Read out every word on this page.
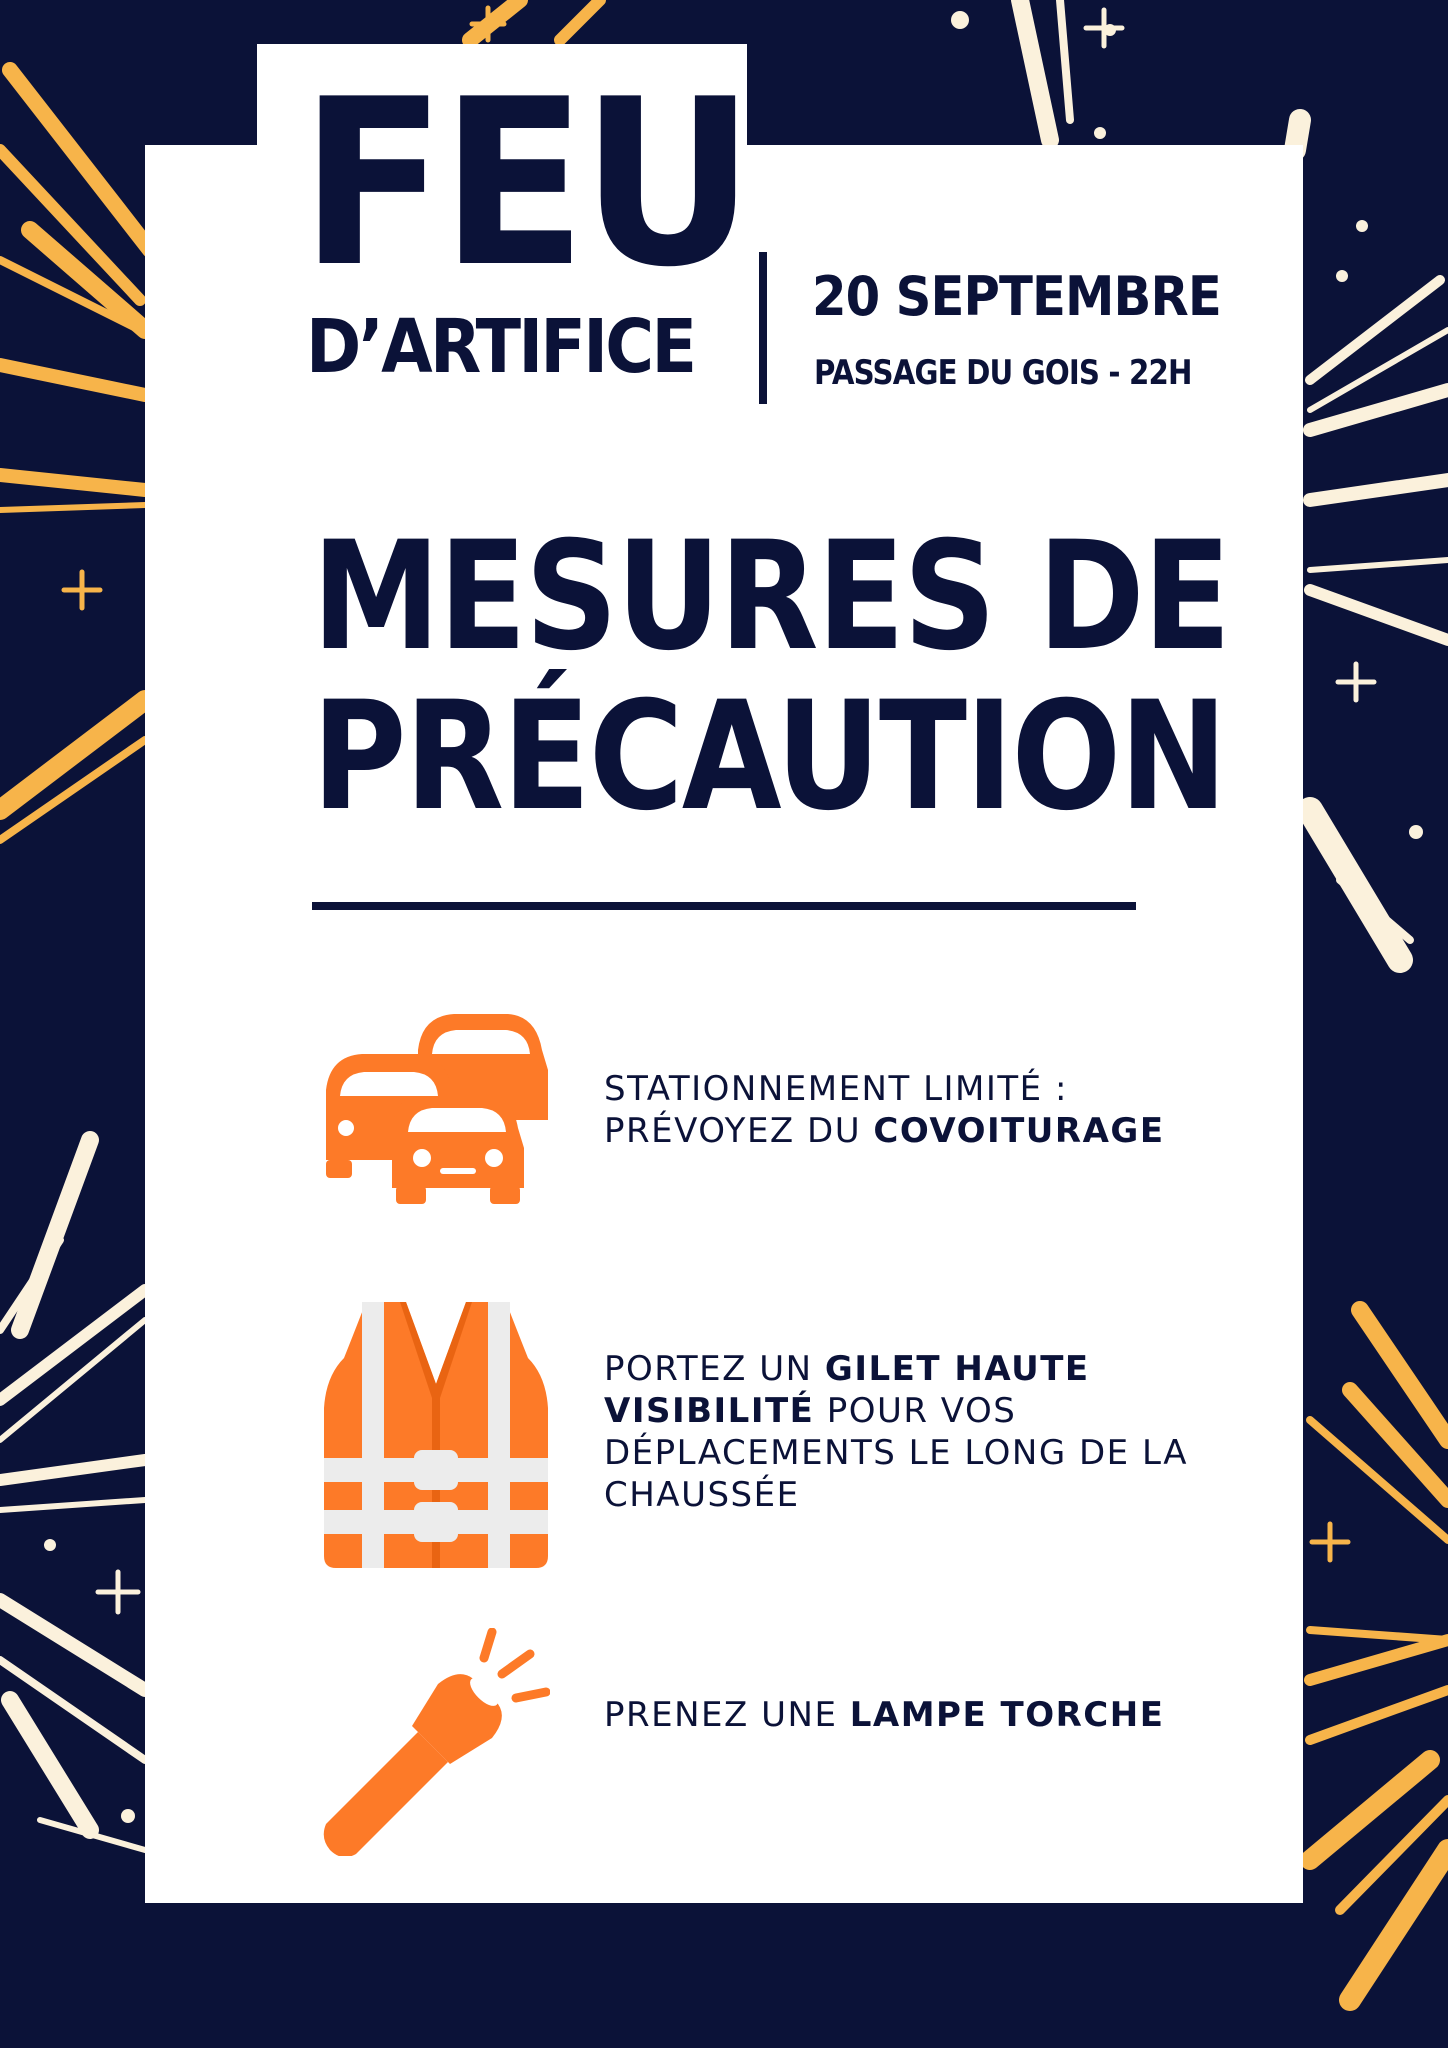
FEU
D’ARTIFICE

20 SEPTEMBRE

PASSAGE DU GOIS - 22H

MESURES DE

PRÉCAUTION

STATIONNEMENT LIMITÉ :
PRÉVOYEZ DU COVOITURAGE

PORTEZ UN GILET HAUTE VISIBILITÉ POUR VOS DÉPLACEMENTS LE LONG DE LA CHAUSSÉE

PRENEZ UNE LAMPE TORCHE
